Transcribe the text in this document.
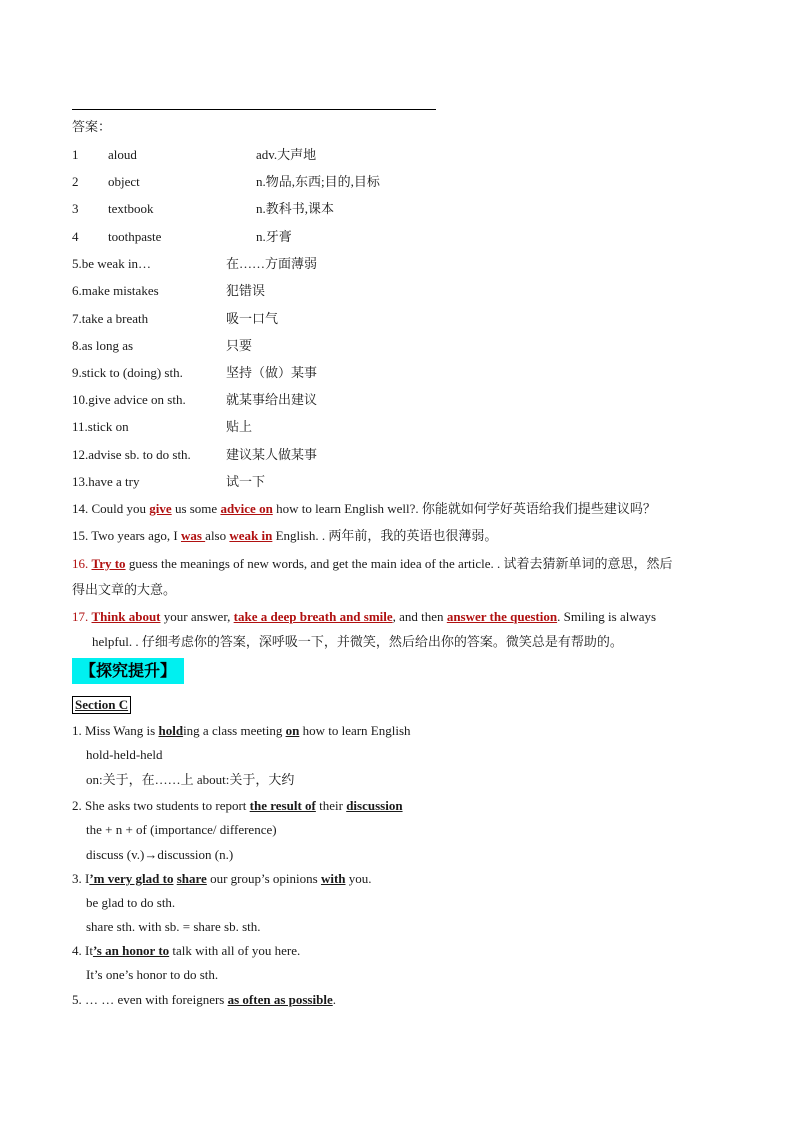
答案：
1 aloud	adv.大声地
2 object	n.物品,东西;目的,目标
3 textbook	n.教科书,课本
4 toothpaste	n.牙膏
5.be weak in…	在……方面薄弱
6.make mistakes	犯错误
7.take a breath	吸一口气
8.as long as	只要
9.stick to (doing) sth.	坚持（做）某事
10.give advice on sth.	就某事给出建议
11.stick on	贴上
12.advise sb. to do sth.	建议某人做某事
13.have a try	试一下
14. Could you give us some advice on how to learn English well?. 你能就如何学好英语给我们提些建议吗？
15. Two years ago, I was also weak in English. . 两年前，我的英语也很薄弱。
16. Try to guess the meanings of new words, and get the main idea of the article. . 试着去猜新单词的意思，然后
得出文章的大意。
17. Think about your answer, take a deep breath and smile, and then answer the question. Smiling is always
helpful. . 仔细考虑你的答案，深呼吸一下，并微笑，然后给出你的答案。微笑总是有帮助的。
【探究提升】
Section C
1. Miss Wang is holding a class meeting on how to learn English
hold-held-held
on:关于，在……上 about:关于，大约
2. She asks two students to report the result of their discussion
the + n + of (importance/ difference)
discuss (v.)→discussion (n.)
3. I’m very glad to share our group’s opinions with you.
be glad to do sth.
share sth. with sb. = share sb. sth.
4. It’s an honor to talk with all of you here.
It’s one’s honor to do sth.
5. … … even with foreigners as often as possible.
